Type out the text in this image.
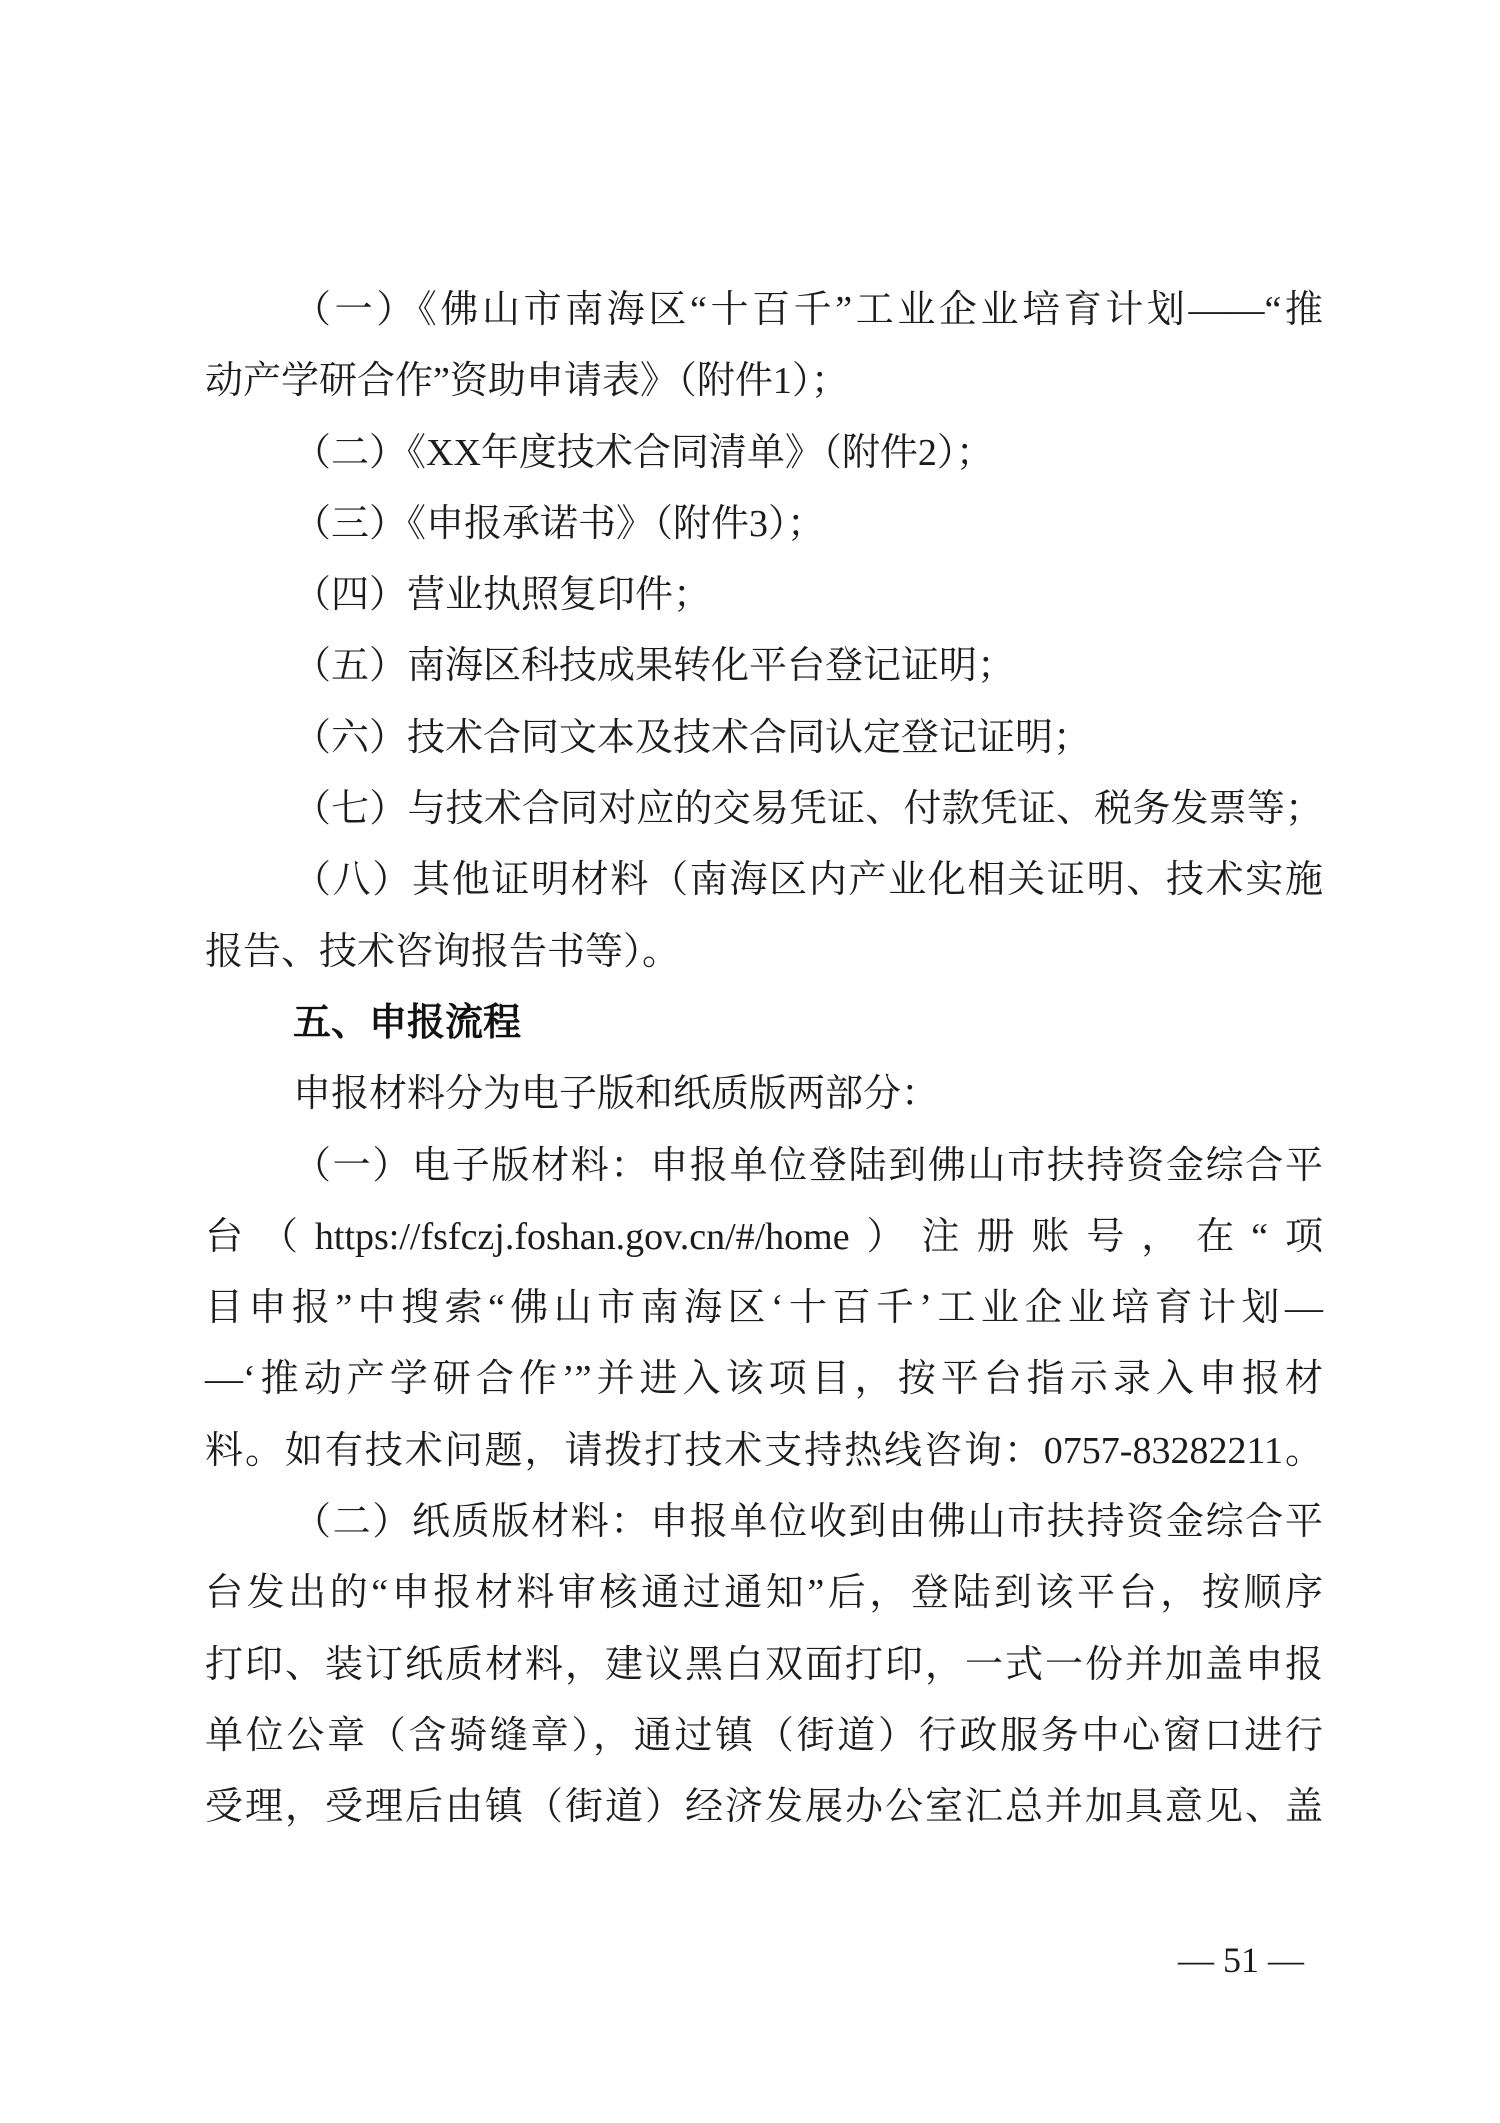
（一）《佛山市南海区“十百千”工业企业培育计划——“推
动产学研合作”资助申请表》（附件1）；
（二）《XX年度技术合同清单》（附件2）；
（三）《申报承诺书》（附件3）；
（四）营业执照复印件；
（五）南海区科技成果转化平台登记证明；
（六）技术合同文本及技术合同认定登记证明；
（七）与技术合同对应的交易凭证、付款凭证、税务发票等；
（八）其他证明材料（南海区内产业化相关证明、技术实施
报告、技术咨询报告书等）。
五、申报流程
申报材料分为电子版和纸质版两部分：
（一）电子版材料：申报单位登陆到佛山市扶持资金综合平
台（https://fsfczj.foshan.gov.cn/#/home）注册账号，在“项
目申报”中搜索“佛山市南海区‘十百千’工业企业培育计划—
—‘推动产学研合作’”并进入该项目，按平台指示录入申报材
料。如有技术问题，请拨打技术支持热线咨询：0757-83282211。
（二）纸质版材料：申报单位收到由佛山市扶持资金综合平
台发出的“申报材料审核通过通知”后，登陆到该平台，按顺序
打印、装订纸质材料，建议黑白双面打印，一式一份并加盖申报
单位公章（含骑缝章），通过镇（街道）行政服务中心窗口进行
受理，受理后由镇（街道）经济发展办公室汇总并加具意见、盖
— 51 —
